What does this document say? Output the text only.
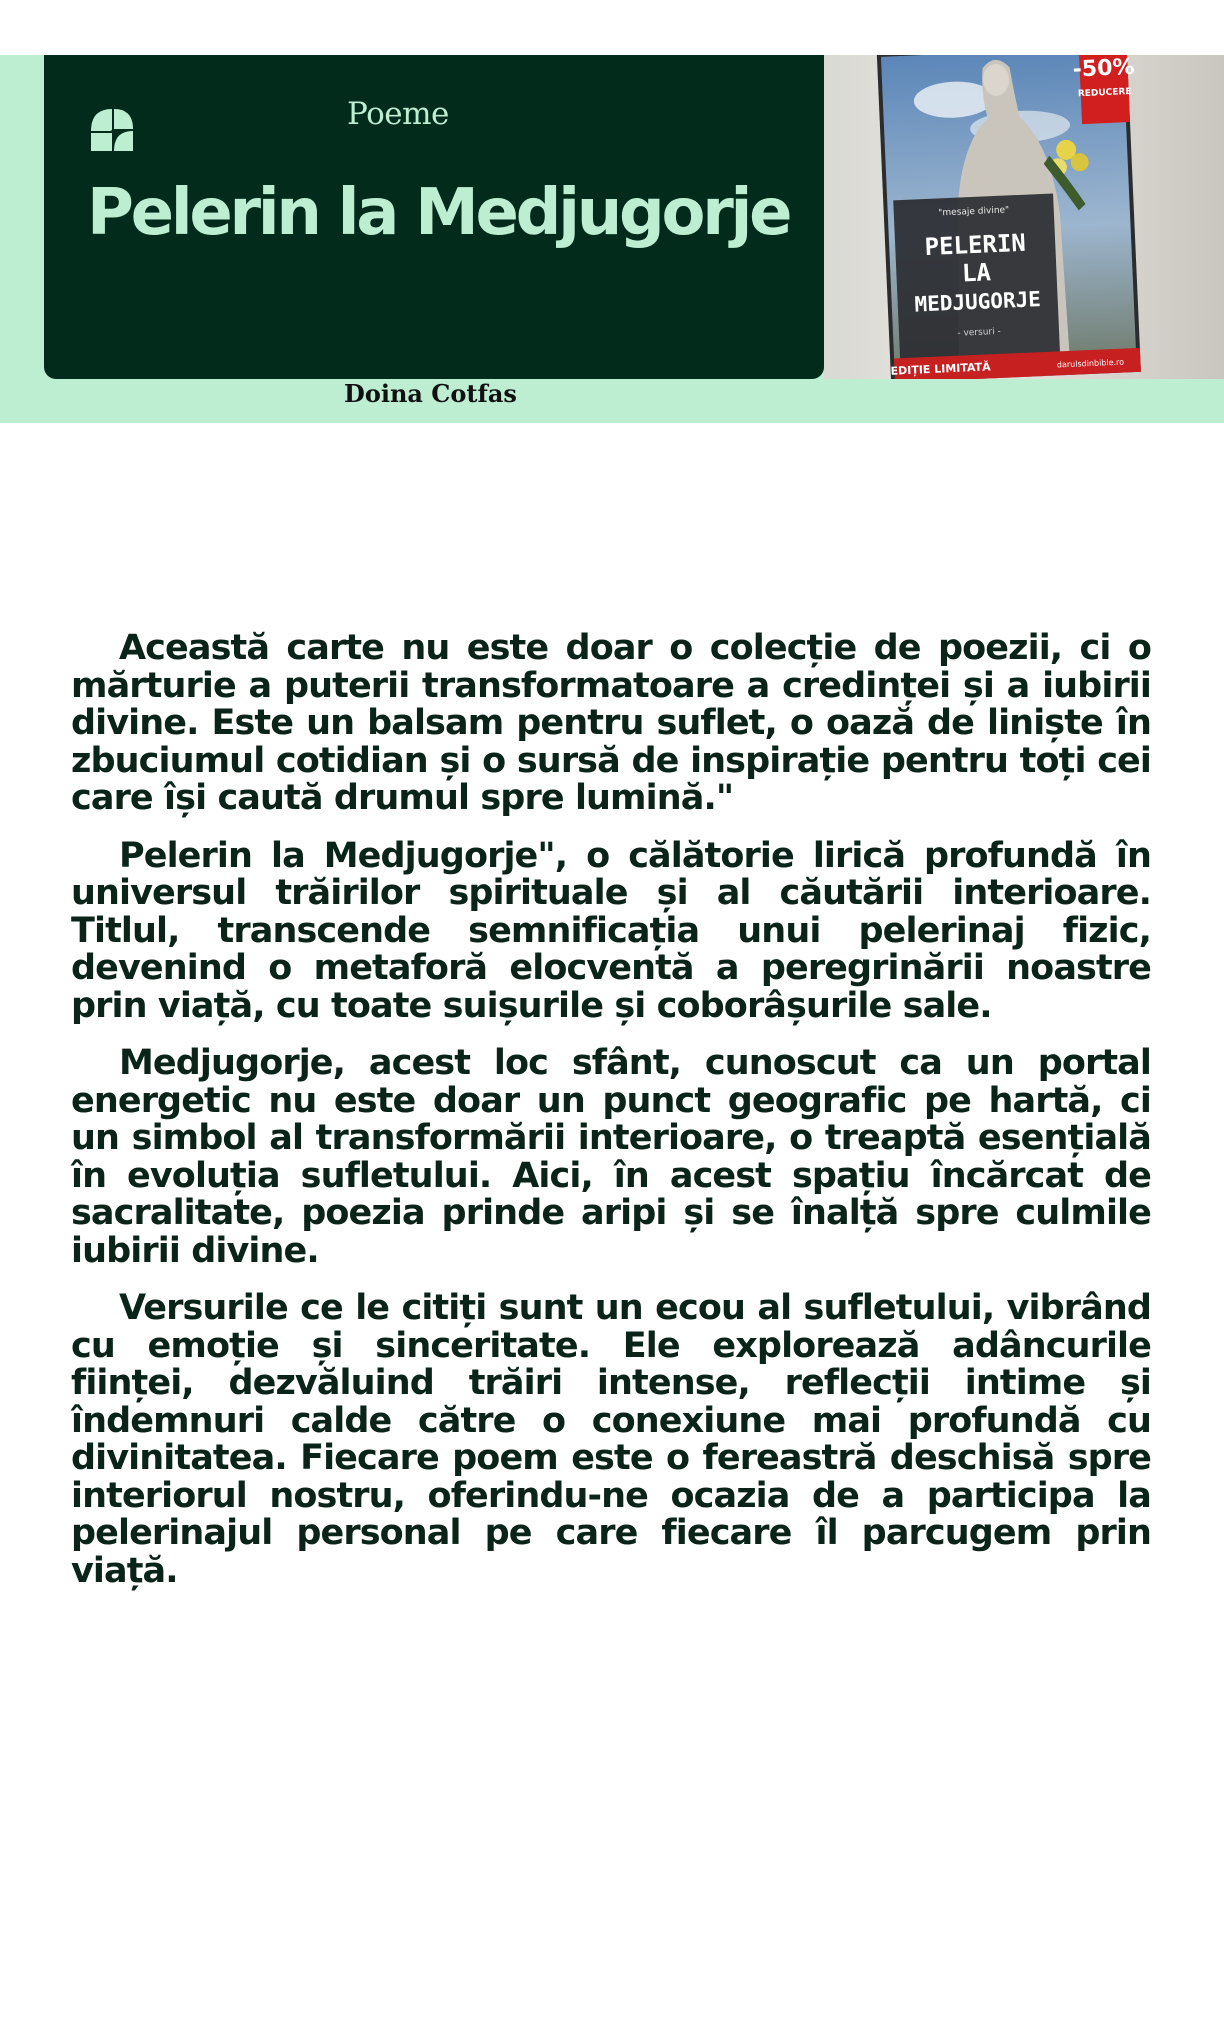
Poeme
Pelerin la Medjugorje
-50%
REDUCERE
"mesaje divine"
PELERIN
LA
MEDJUGORJE
- versuri -
EDIȚIE LIMITATĂ	darulsdinbible.ro
Doina Cotfas

Această carte nu este doar o colecție de poezii, ci o mărturie a puterii transformatoare a credinței și a iubirii divine. Este un balsam pentru suflet, o oază de liniște în zbuciumul cotidian și o sursă de inspirație pentru toți cei care își caută drumul spre lumină."

Pelerin la Medjugorje", o călătorie lirică profundă în universul trăirilor spirituale și al căutării interioare. Titlul, transcende semnificația unui pelerinaj fizic, devenind o metaforă elocventă a peregrinării noastre prin viață, cu toate suișurile și coborâșurile sale.

Medjugorje, acest loc sfânt, cunoscut ca un portal energetic nu este doar un punct geografic pe hartă, ci un simbol al transformării interioare, o treaptă esențială în evoluția sufletului. Aici, în acest spațiu încărcat de sacralitate, poezia prinde aripi și se înalță spre culmile iubirii divine.

Versurile ce le citiți sunt un ecou al sufletului, vibrând cu emoție și sinceritate. Ele explorează adâncurile ființei, dezvăluind trăiri intense, reflecții intime și îndemnuri calde către o conexiune mai profundă cu divinitatea. Fiecare poem este o fereastră deschisă spre interiorul nostru, oferindu-ne ocazia de a participa la pelerinajul personal pe care fiecare îl parcugem prin viață.
